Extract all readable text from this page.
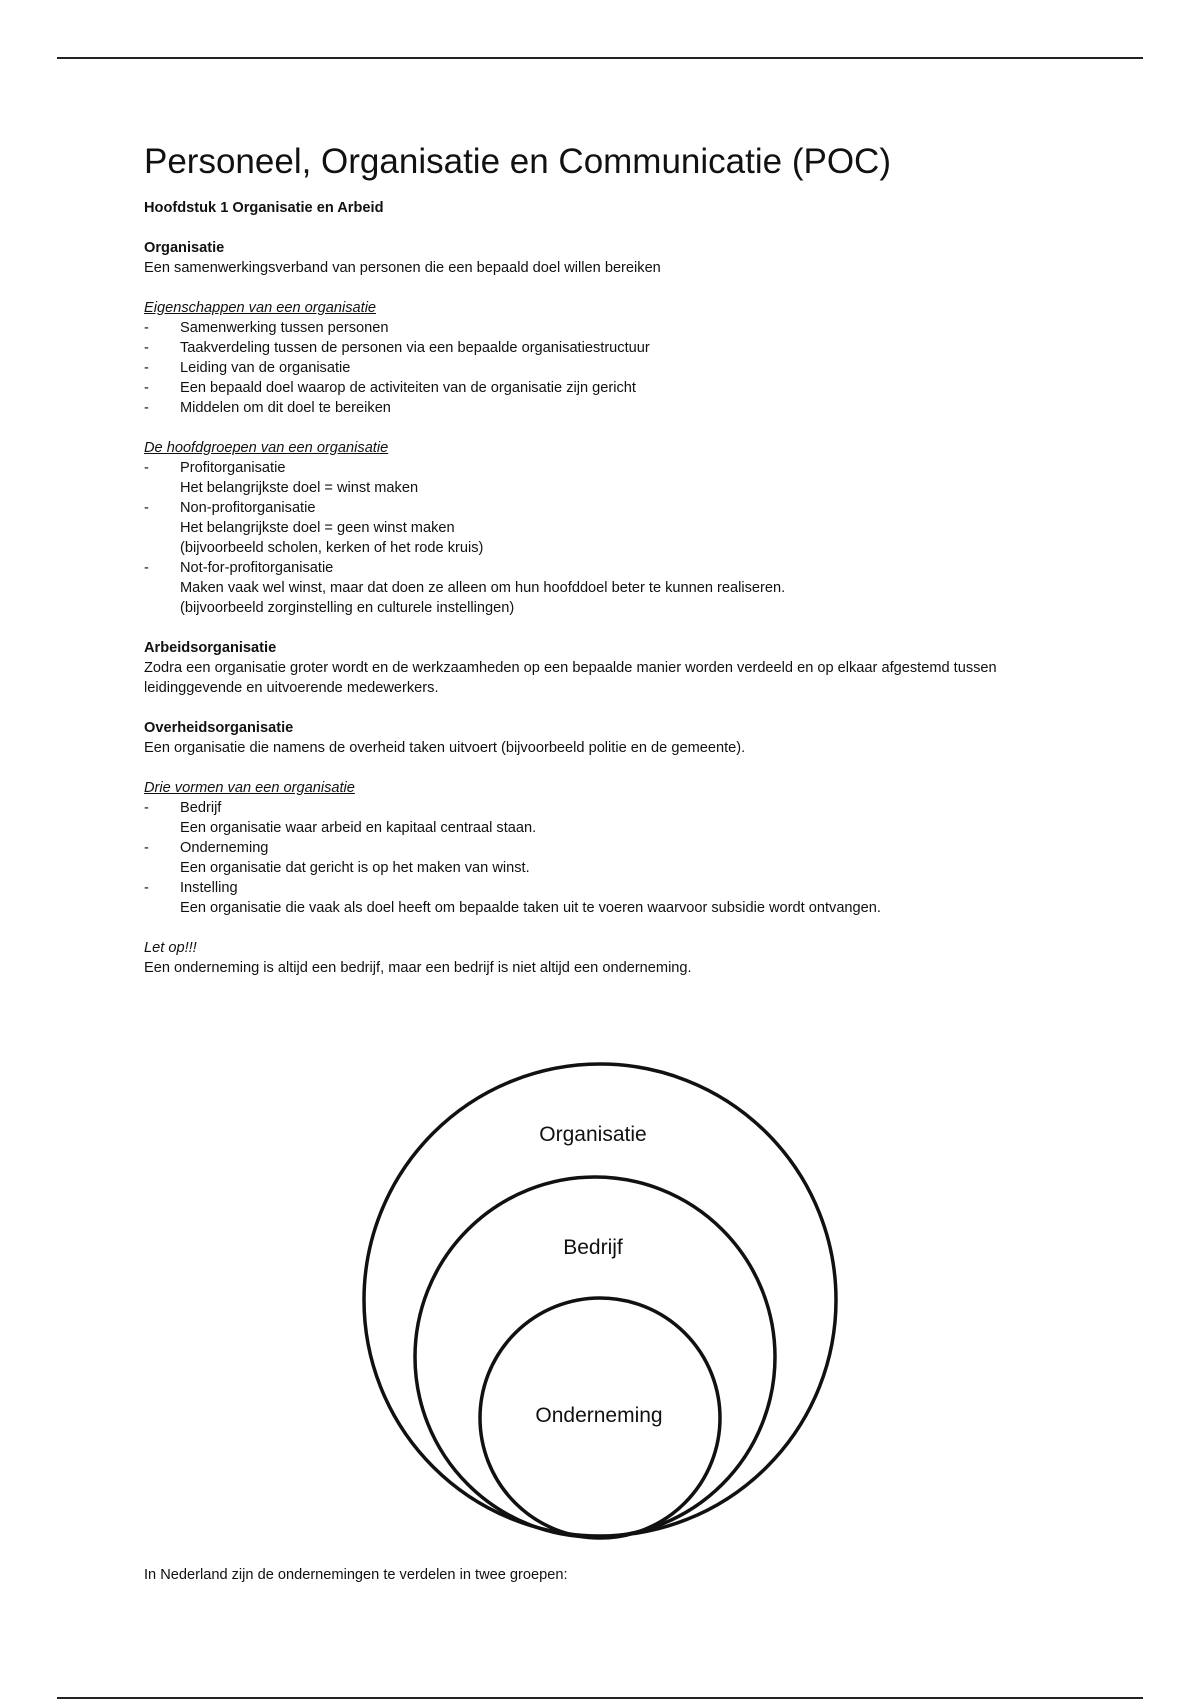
Personeel, Organisatie en Communicatie (POC)

Hoofdstuk 1 Organisatie en Arbeid

Organisatie

Een samenwerkingsverband van personen die een bepaald doel willen bereiken

Eigenschappen van een organisatie

- Samenwerking tussen personen
- Taakverdeling tussen de personen via een bepaalde organisatiestructuur
- Leiding van de organisatie
- Een bepaald doel waarop de activiteiten van de organisatie zijn gericht
- Middelen om dit doel te bereiken

De hoofdgroepen van een organisatie

- Profitorganisatie
Het belangrijkste doel = winst maken
- Non-profitorganisatie
Het belangrijkste doel = geen winst maken
(bijvoorbeeld scholen, kerken of het rode kruis)
- Not-for-profitorganisatie
Maken vaak wel winst, maar dat doen ze alleen om hun hoofddoel beter te kunnen realiseren.
(bijvoorbeeld zorginstelling en culturele instellingen)

Arbeidsorganisatie

Zodra een organisatie groter wordt en de werkzaamheden op een bepaalde manier worden verdeeld en op elkaar afgestemd tussen leidinggevende en uitvoerende medewerkers.

Overheidsorganisatie

Een organisatie die namens de overheid taken uitvoert (bijvoorbeeld politie en de gemeente).

Drie vormen van een organisatie

- Bedrijf
Een organisatie waar arbeid en kapitaal centraal staan.
- Onderneming
Een organisatie dat gericht is op het maken van winst.
- Instelling
Een organisatie die vaak als doel heeft om bepaalde taken uit te voeren waarvoor subsidie wordt ontvangen.

Let op!!!

Een onderneming is altijd een bedrijf, maar een bedrijf is niet altijd een onderneming.

Organisatie
Bedrijf
Onderneming

In Nederland zijn de ondernemingen te verdelen in twee groepen:
